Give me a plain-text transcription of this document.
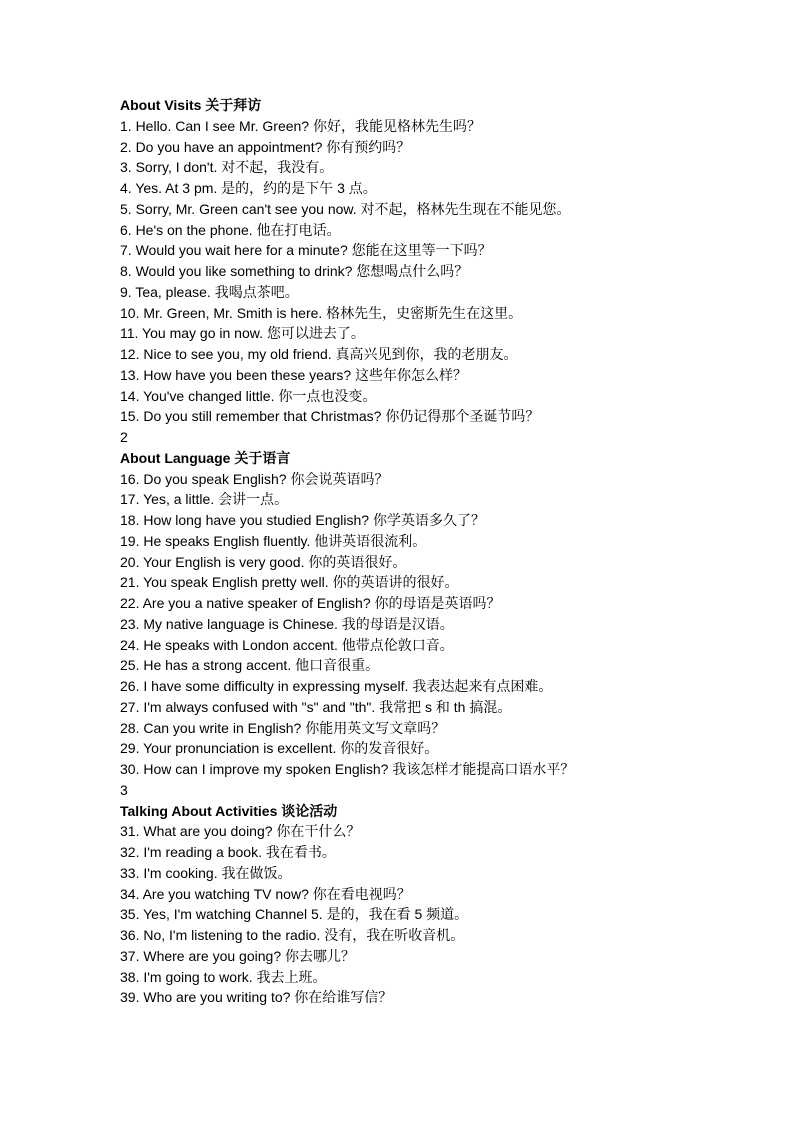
About Visits 关于拜访
1. Hello. Can I see Mr. Green? 你好，我能见格林先生吗？
2. Do you have an appointment? 你有预约吗？
3. Sorry, I don't. 对不起，我没有。
4. Yes. At 3 pm. 是的，约的是下午 3 点。
5. Sorry, Mr. Green can't see you now. 对不起，格林先生现在不能见您。
6. He's on the phone. 他在打电话。
7. Would you wait here for a minute? 您能在这里等一下吗？
8. Would you like something to drink? 您想喝点什么吗？
9. Tea, please. 我喝点茶吧。
10. Mr. Green, Mr. Smith is here. 格林先生，史密斯先生在这里。
11. You may go in now. 您可以进去了。
12. Nice to see you, my old friend. 真高兴见到你，我的老朋友。
13. How have you been these years? 这些年你怎么样？
14. You've changed little. 你一点也没变。
15. Do you still remember that Christmas? 你仍记得那个圣诞节吗？
2
About Language 关于语言
16. Do you speak English? 你会说英语吗？
17. Yes, a little. 会讲一点。
18. How long have you studied English? 你学英语多久了？
19. He speaks English fluently. 他讲英语很流利。
20. Your English is very good. 你的英语很好。
21. You speak English pretty well. 你的英语讲的很好。
22. Are you a native speaker of English? 你的母语是英语吗？
23. My native language is Chinese. 我的母语是汉语。
24. He speaks with London accent. 他带点伦敦口音。
25. He has a strong accent. 他口音很重。
26. I have some difficulty in expressing myself. 我表达起来有点困难。
27. I'm always confused with "s" and "th". 我常把 s 和 th 搞混。
28. Can you write in English? 你能用英文写文章吗？
29. Your pronunciation is excellent. 你的发音很好。
30. How can I improve my spoken English? 我该怎样才能提高口语水平？
3
Talking About Activities 谈论活动
31. What are you doing? 你在干什么？
32. I'm reading a book. 我在看书。
33. I'm cooking. 我在做饭。
34. Are you watching TV now? 你在看电视吗？
35. Yes, I'm watching Channel 5. 是的，我在看 5 频道。
36. No, I'm listening to the radio. 没有，我在听收音机。
37. Where are you going? 你去哪儿？
38. I'm going to work. 我去上班。
39. Who are you writing to? 你在给谁写信？
